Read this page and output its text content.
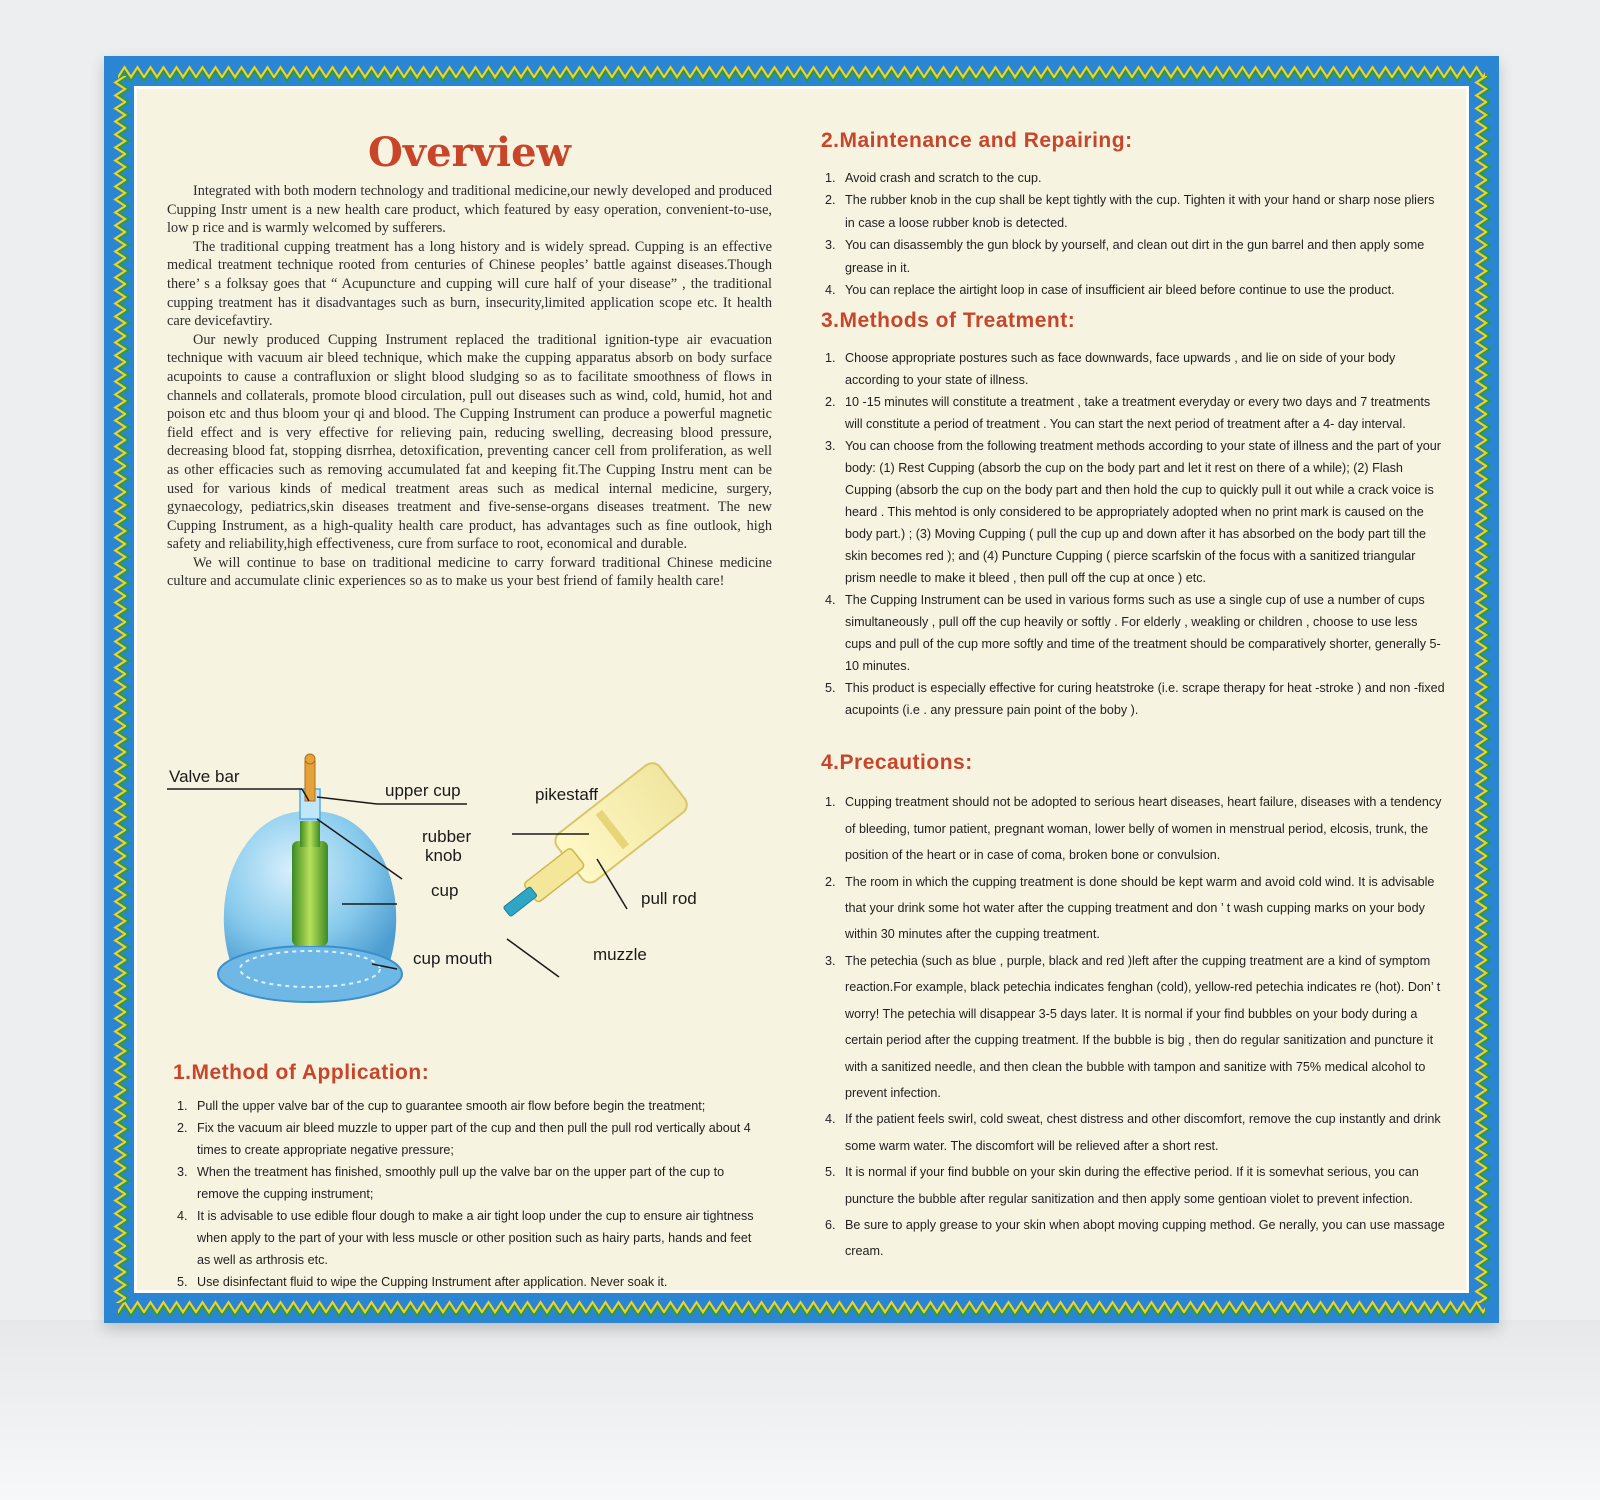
Overview

Integrated with both modern technology and traditional medicine,our newly developed and produced Cupping Instr ument is a new health care product, which featured by easy operation, convenient-to-use, low p rice and is warmly welcomed by sufferers.

The traditional cupping treatment has a long history and is widely spread. Cupping is an effective medical treatment technique rooted from centuries of Chinese peoples’ battle against diseases.Though there’ s a folksay goes that “ Acupuncture and cupping will cure half of your disease” , the traditional cupping treatment has it disadvantages such as burn, insecurity,limited application scope etc. It health care devicefavtiry.

Our newly produced Cupping Instrument replaced the traditional ignition-type air evacuation technique with vacuum air bleed technique, which make the cupping apparatus absorb on body surface acupoints to cause a contrafluxion or slight blood sludging so as to facilitate smoothness of flows in channels and collaterals, promote blood circulation, pull out diseases such as wind, cold, humid, hot and poison etc and thus bloom your qi and blood. The Cupping Instrument can produce a powerful magnetic field effect and is very effective for relieving pain, reducing swelling, decreasing blood pressure, decreasing blood fat, stopping disrrhea, detoxification, preventing cancer cell from proliferation, as well as other efficacies such as removing accumulated fat and keeping fit.The Cupping Instru ment can be used for various kinds of medical treatment areas such as medical internal medicine, surgery, gynaecology, pediatrics,skin diseases treatment and five-sense-organs diseases treatment. The new Cupping Instrument, as a high-quality health care product, has advantages such as fine outlook, high safety and reliability,high effectiveness, cure from surface to root, economical and durable.

We will continue to base on traditional medicine to carry forward traditional Chinese medicine culture and accumulate clinic experiences so as to make us your best friend of family health care!

Valve bar
upper cup
rubber
knob
cup
cup mouth
pikestaff
pull rod
muzzle
1.Method of Application:
1. Pull the upper valve bar of the cup to guarantee smooth air flow before begin the treatment;
2. Fix the vacuum air bleed muzzle to upper part of the cup and then pull the pull rod vertically about 4 times to create appropriate negative pressure;
3. When the treatment has finished, smoothly pull up the valve bar on the upper part of the cup to remove the cupping instrument;
4. It is advisable to use edible flour dough to make a air tight loop under the cup to ensure air tightness when apply to the part of your with less muscle or other position such as hairy parts, hands and feet as well as arthrosis etc.
5. Use disinfectant fluid to wipe the Cupping Instrument after application. Never soak it.
2.Maintenance and Repairing:
1. Avoid crash and scratch to the cup.
2. The rubber knob in the cup shall be kept tightly with the cup. Tighten it with your hand or sharp nose pliers in case a loose rubber knob is detected.
3. You can disassembly the gun block by yourself, and clean out dirt in the gun barrel and then apply some grease in it.
4. You can replace the airtight loop in case of insufficient air bleed before continue to use the product.
3.Methods of Treatment:
1. Choose appropriate postures such as face downwards, face upwards , and lie on side of your body according to your state of illness.
2. 10 -15 minutes will constitute a treatment , take a treatment everyday or every two days and 7 treatments will constitute a period of treatment . You can start the next period of treatment after a 4- day interval.
3. You can choose from the following treatment methods according to your state of illness and the part of your body: (1) Rest Cupping (absorb the cup on the body part and let it rest on there of a while); (2) Flash Cupping (absorb the cup on the body part and then hold the cup to quickly pull it out while a crack voice is heard . This mehtod is only considered to be appropriately adopted when no print mark is caused on the body part.) ; (3) Moving Cupping ( pull the cup up and down after it has absorbed on the body part till the skin becomes red ); and (4) Puncture Cupping ( pierce scarfskin of the focus with a sanitized triangular prism needle to make it bleed , then pull off the cup at once ) etc.
4. The Cupping Instrument can be used in various forms such as use a single cup of use a number of cups simultaneously , pull off the cup heavily or softly . For elderly , weakling or children , choose to use less cups and pull of the cup more softly and time of the treatment should be comparatively shorter, generally 5-10 minutes.
5. This product is especially effective for curing heatstroke (i.e. scrape therapy for heat -stroke ) and non -fixed acupoints (i.e . any pressure pain point of the boby ).
4.Precautions:
1. Cupping treatment should not be adopted to serious heart diseases, heart failure, diseases with a tendency of bleeding, tumor patient, pregnant woman, lower belly of women in menstrual period, elcosis, trunk, the position of the heart or in case of coma, broken bone or convulsion.
2. The room in which the cupping treatment is done should be kept warm and avoid cold wind. It is advisable that your drink some hot water after the cupping treatment and don ’ t wash cupping marks on your body within 30 minutes after the cupping treatment.
3. The petechia (such as blue , purple, black and red )left after the cupping treatment are a kind of symptom reaction.For example, black petechia indicates fenghan (cold), yellow-red petechia indicates re (hot). Don’ t worry! The petechia will disappear 3-5 days later. It is normal if your find bubbles on your body during a certain period after the cupping treatment. If the bubble is big , then do regular sanitization and puncture it with a sanitized needle, and then clean the bubble with tampon and sanitize with 75% medical alcohol to prevent infection.
4. If the patient feels swirl, cold sweat, chest distress and other discomfort, remove the cup instantly and drink some warm water. The discomfort will be relieved after a short rest.
5. It is normal if your find bubble on your skin during the effective period. If it is somevhat serious, you can puncture the bubble after regular sanitization and then apply some gentioan violet to prevent infection.
6. Be sure to apply grease to your skin when abopt moving cupping method. Ge nerally, you can use massage cream.
